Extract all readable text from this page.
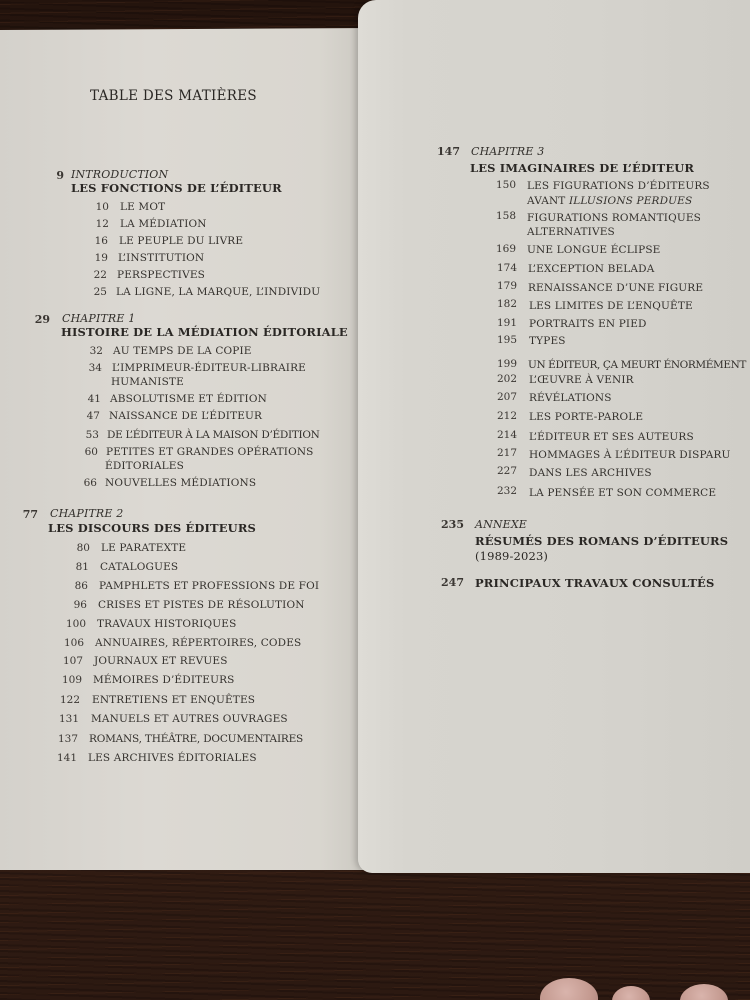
TABLE DES MATIÈRES
9 INTRODUCTION
LES FONCTIONS DE L’ÉDITEUR
10 LE MOT
12 LA MÉDIATION
16 LE PEUPLE DU LIVRE
19 L’INSTITUTION
22 PERSPECTIVES
25 LA LIGNE, LA MARQUE, L’INDIVIDU
29 CHAPITRE 1
HISTOIRE DE LA MÉDIATION ÉDITORIALE
32 AU TEMPS DE LA COPIE
34 L’IMPRIMEUR-ÉDITEUR-LIBRAIRE
HUMANISTE
41 ABSOLUTISME ET ÉDITION
47 NAISSANCE DE L’ÉDITEUR
53 DE L’ÉDITEUR À LA MAISON D’ÉDITION
60 PETITES ET GRANDES OPÉRATIONS
ÉDITORIALES
66 NOUVELLES MÉDIATIONS
77 CHAPITRE 2
LES DISCOURS DES ÉDITEURS
80 LE PARATEXTE
81 CATALOGUES
86 PAMPHLETS ET PROFESSIONS DE FOI
96 CRISES ET PISTES DE RÉSOLUTION
100 TRAVAUX HISTORIQUES
106 ANNUAIRES, RÉPERTOIRES, CODES
107 JOURNAUX ET REVUES
109 MÉMOIRES D’ÉDITEURS
122 ENTRETIENS ET ENQUÊTES
131 MANUELS ET AUTRES OUVRAGES
137 ROMANS, THÉÂTRE, DOCUMENTAIRES
141 LES ARCHIVES ÉDITORIALES
147 CHAPITRE 3
LES IMAGINAIRES DE L’ÉDITEUR
150 LES FIGURATIONS D’ÉDITEURS
AVANT ILLUSIONS PERDUES
158 FIGURATIONS ROMANTIQUES
ALTERNATIVES
169 UNE LONGUE ÉCLIPSE
174 L’EXCEPTION BELADA
179 RENAISSANCE D’UNE FIGURE
182 LES LIMITES DE L’ENQUÊTE
191 PORTRAITS EN PIED
195 TYPES
199 UN ÉDITEUR, ÇA MEURT ÉNORMÉMENT
202 L’ŒUVRE À VENIR
207 RÉVÉLATIONS
212 LES PORTE-PAROLE
214 L’ÉDITEUR ET SES AUTEURS
217 HOMMAGES À L’ÉDITEUR DISPARU
227 DANS LES ARCHIVES
232 LA PENSÉE ET SON COMMERCE
235 ANNEXE
RÉSUMÉS DES ROMANS D’ÉDITEURS
(1989-2023)
247 PRINCIPAUX TRAVAUX CONSULTÉS
